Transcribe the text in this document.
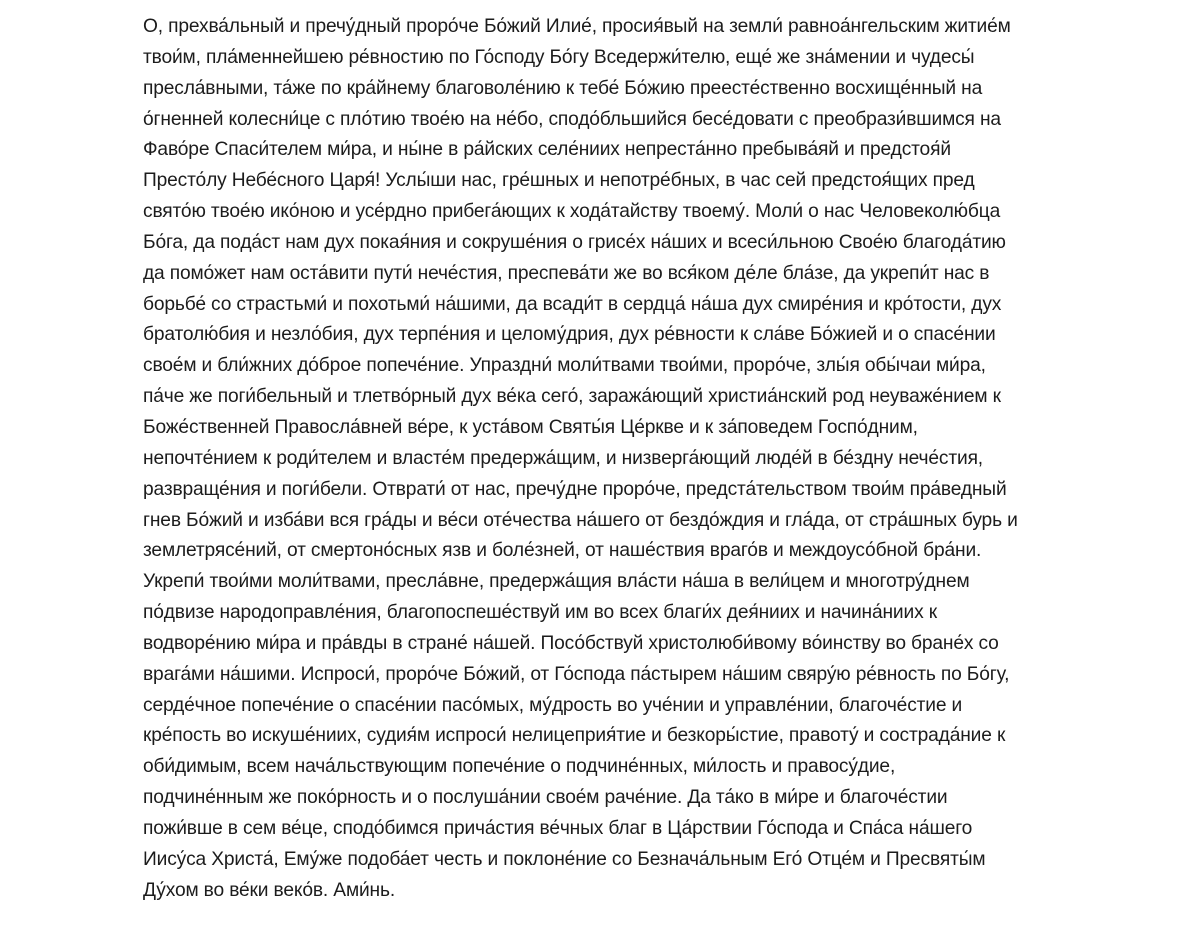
О, прехва́льный и пречу́дный проро́че Бо́жий Илие́, просия́вый на земли́ равноа́нгельским житие́м
твои́м, пла́меннейшею ре́вностию по Го́споду Бо́гу Вседержи́телю, еще́ же зна́мении и чудесы́
пресла́вными, та́же по кра́йнему благоволе́нию к тебе́ Бо́жию преесте́ственно восхище́нный на
о́гненней колесни́це с пло́тию твое́ю на не́бо, сподо́бльшийся бесе́довати с преобрази́вшимся на
Фаво́ре Спаси́телем ми́ра, и ны́не в ра́йских селе́ниих непреста́нно пребыва́яй и предстоя́й
Престо́лу Небе́сного Царя́! Услы́ши нас, гре́шных и непотре́бных, в час сей предстоя́щих пред
свято́ю твое́ю ико́ною и усе́рдно прибега́ющих к хода́тайству твоему́. Моли́ о нас Человеколю́бца
Бо́га, да пода́ст нам дух покая́ния и сокруше́ния о грисе́х на́ших и всеси́льною Свое́ю благода́тию
да помо́жет нам оста́вити пути́ нече́стия, преспева́ти же во вся́ком де́ле бла́зе, да укрепи́т нас в
борьбе́ со страстьми́ и похотьми́ на́шими, да всади́т в сердца́ на́ша дух смире́ния и кро́тости, дух
братолю́бия и незло́бия, дух терпе́ния и целому́дрия, дух ре́вности к сла́ве Бо́жией и о спасе́нии
свое́м и бли́жних до́брое попече́ние. Упраздни́ моли́твами твои́ми, проро́че, злы́я обы́чаи ми́ра,
па́че же поги́бельный и тлетво́рный дух ве́ка сего́, заража́ющий христиа́нский род неуваже́нием к
Боже́ственней Правосла́вней ве́ре, к уста́вом Святы́я Це́ркве и к за́поведем Госпо́дним,
непочте́нием к роди́телем и власте́м предержа́щим, и низверга́ющий люде́й в бе́здну нече́стия,
развраще́ния и поги́бели. Отврати́ от нас, пречу́дне проро́че, предста́тельством твои́м пра́ведный
гнев Бо́жий и изба́ви вся гра́ды и ве́си оте́чества на́шего от бездо́ждия и гла́да, от стра́шных бурь и
землетрясе́ний, от смертоно́сных язв и боле́зней, от наше́ствия враго́в и междоусо́бной бра́ни.
Укрепи́ твои́ми моли́твами, пресла́вне, предержа́щия вла́сти на́ша в вели́цем и многотру́днем
по́двизе народоправле́ния, благопоспеше́ствуй им во всех благи́х дея́ниих и начина́ниих к
водворе́нию ми́ра и пра́вды в стране́ на́шей. Посо́бствуй христолюби́вому во́инству во бране́х со
врага́ми на́шими. Испроси́, проро́че Бо́жий, от Го́спода па́стырем на́шим свяру́ю ре́вность по Бо́гу,
серде́чное попече́ние о спасе́нии пасо́мых, му́дрость во уче́нии и управле́нии, благоче́стие и
кре́пость во искуше́ниих, судия́м испроси́ нелицеприя́тие и безкоры́стие, правоту́ и сострада́ние к
оби́димым, всем нача́льствующим попече́ние о подчине́нных, ми́лость и правосу́дие,
подчине́нным же поко́рность и о послуша́нии свое́м раче́ние. Да та́ко в ми́ре и благоче́стии
пожи́вше в сем ве́це, сподо́бимся прича́стия ве́чных благ в Ца́рствии Го́спода и Спа́са на́шего
Иису́са Христа́, Ему́же подоба́ет честь и поклоне́ние со Безнача́льным Его́ Отце́м и Пресвяты́м
Ду́хом во ве́ки веко́в. Ами́нь.
